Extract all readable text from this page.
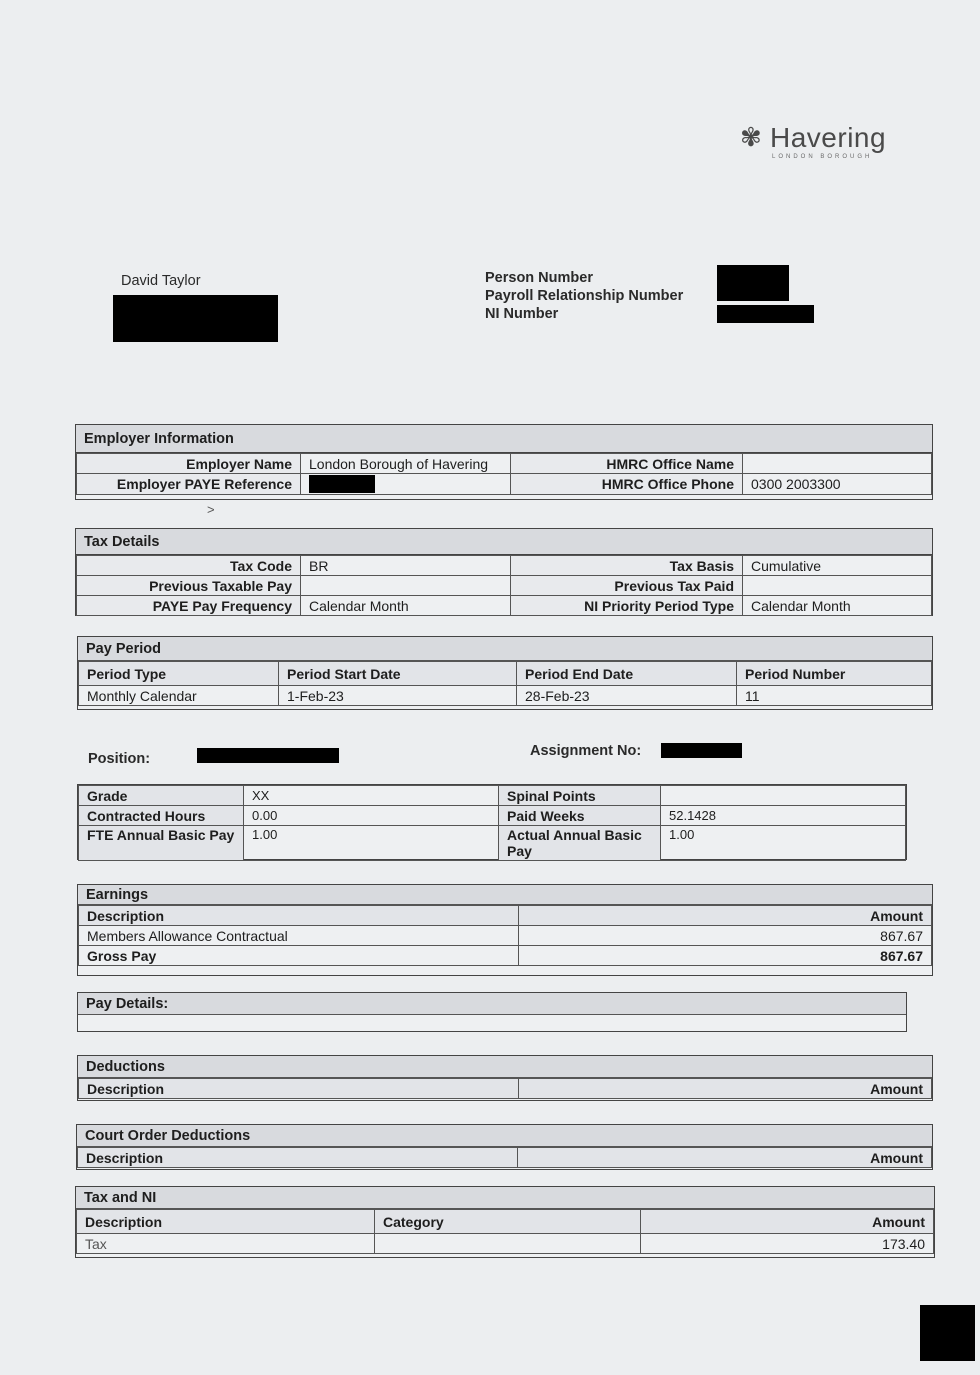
✾ Havering
LONDON BOROUGH
David Taylor	Person Number
Payroll Relationship Number
NI Number
Employer Information
Employer Name	London Borough of Havering	HMRC Office Name	
Employer PAYE Reference		HMRC Office Phone	0300 2003300
>
Tax Details
Tax Code	BR	Tax Basis	Cumulative
Previous Taxable Pay		Previous Tax Paid	
PAYE Pay Frequency	Calendar Month	NI Priority Period Type	Calendar Month
Pay Period
Period Type	Period Start Date	Period End Date	Period Number
Monthly Calendar	1-Feb-23	28-Feb-23	11
Position:	Assignment No:
Grade	XX	Spinal Points	
Contracted Hours	0.00	Paid Weeks	52.1428
FTE Annual Basic Pay	1.00	Actual Annual Basic Pay	1.00
Earnings
Description	Amount
Members Allowance Contractual	867.67
Gross Pay	867.67
Pay Details:
Deductions
Description	Amount
Court Order Deductions
Description	Amount
Tax and NI
Description	Category	Amount
Tax		173.40
